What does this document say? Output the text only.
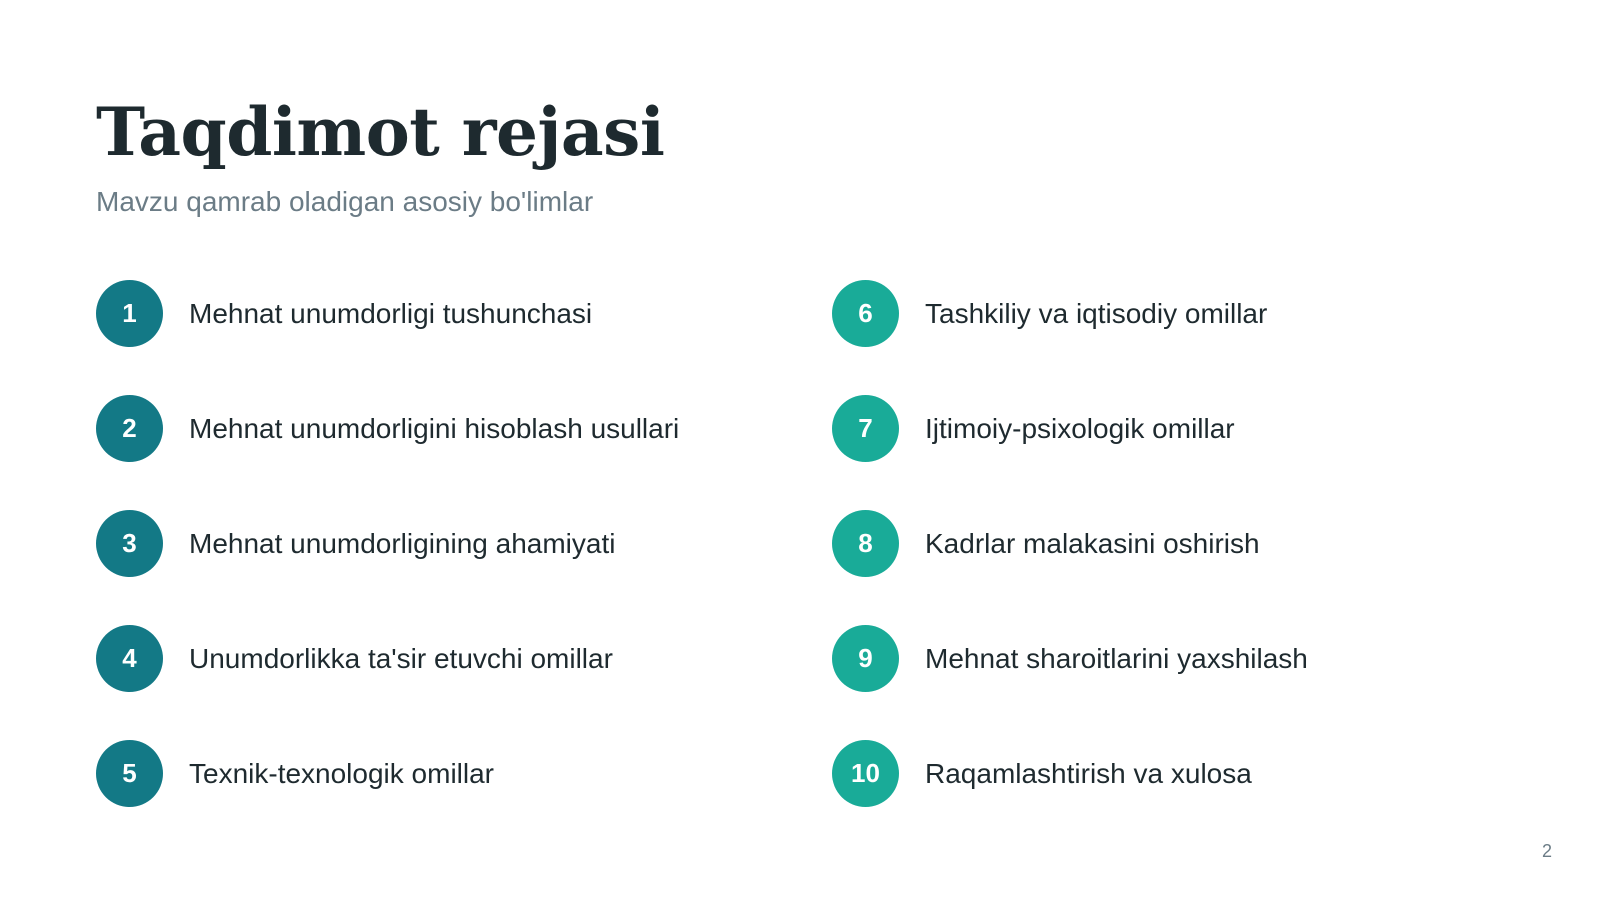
Taqdimot rejasi

Mavzu qamrab oladigan asosiy bo'limlar

1	Mehnat unumdorligi tushunchasi
2	Mehnat unumdorligini hisoblash usullari
3	Mehnat unumdorligining ahamiyati
4	Unumdorlikka ta'sir etuvchi omillar
5	Texnik-texnologik omillar
6	Tashkiliy va iqtisodiy omillar
7	Ijtimoiy-psixologik omillar
8	Kadrlar malakasini oshirish
9	Mehnat sharoitlarini yaxshilash
10	Raqamlashtirish va xulosa
2
